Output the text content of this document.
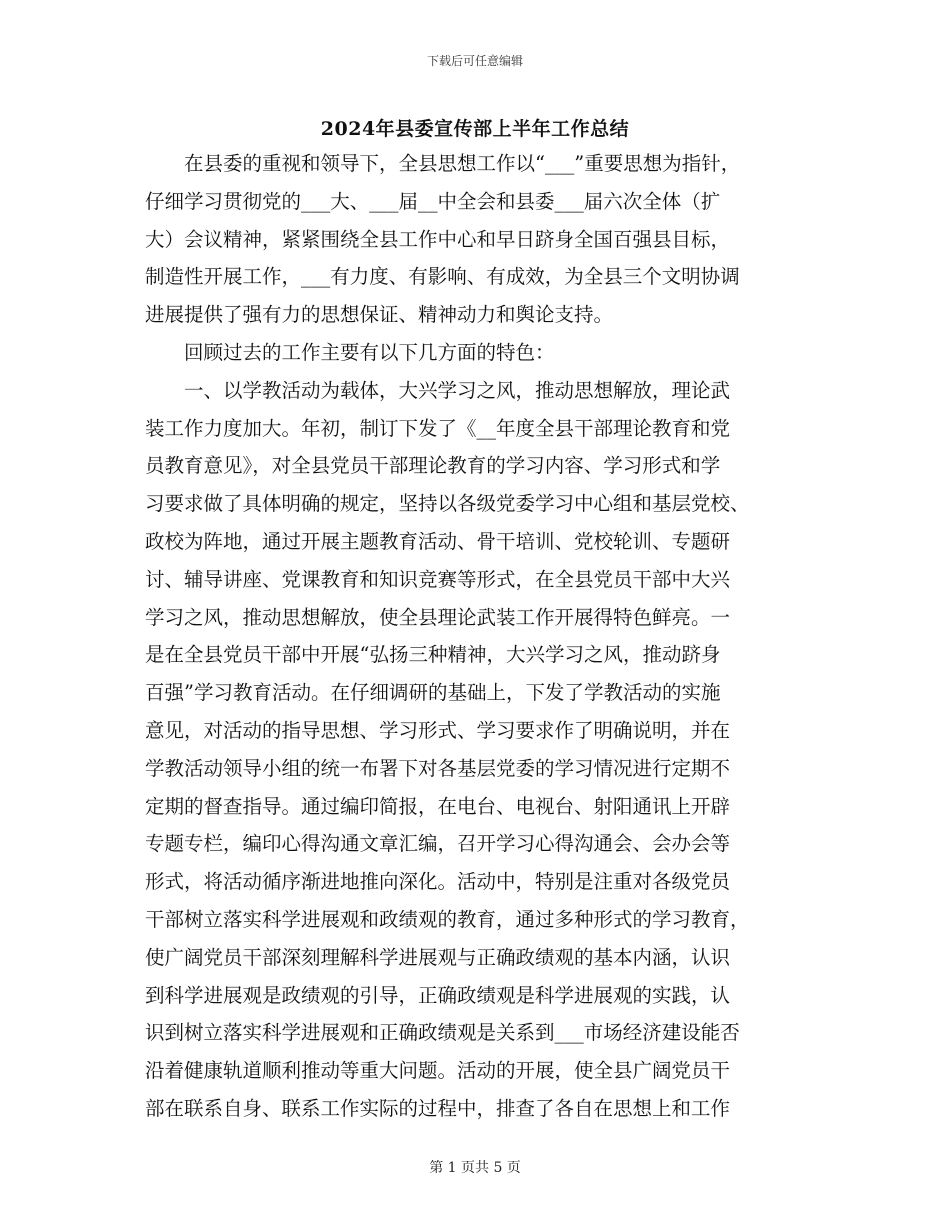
下载后可任意编辑
2024年县委宣传部上半年工作总结
在县委的重视和领导下，全县思想工作以“___”重要思想为指针，
仔细学习贯彻党的___大、___届__中全会和县委___届六次全体（扩
大）会议精神，紧紧围绕全县工作中心和早日跻身全国百强县目标，
制造性开展工作，___有力度、有影响、有成效，为全县三个文明协调
进展提供了强有力的思想保证、精神动力和舆论支持。
回顾过去的工作主要有以下几方面的特色：
一、以学教活动为载体，大兴学习之风，推动思想解放，理论武
装工作力度加大。年初，制订下发了《__年度全县干部理论教育和党
员教育意见》，对全县党员干部理论教育的学习内容、学习形式和学
习要求做了具体明确的规定，坚持以各级党委学习中心组和基层党校、
政校为阵地，通过开展主题教育活动、骨干培训、党校轮训、专题研
讨、辅导讲座、党课教育和知识竞赛等形式，在全县党员干部中大兴
学习之风，推动思想解放，使全县理论武装工作开展得特色鲜亮。一
是在全县党员干部中开展“弘扬三种精神，大兴学习之风，推动跻身
百强”学习教育活动。在仔细调研的基础上，下发了学教活动的实施
意见，对活动的指导思想、学习形式、学习要求作了明确说明，并在
学教活动领导小组的统一布署下对各基层党委的学习情况进行定期不
定期的督查指导。通过编印简报，在电台、电视台、射阳通讯上开辟
专题专栏，编印心得沟通文章汇编，召开学习心得沟通会、会办会等
形式，将活动循序渐进地推向深化。活动中，特别是注重对各级党员
干部树立落实科学进展观和政绩观的教育，通过多种形式的学习教育，
使广阔党员干部深刻理解科学进展观与正确政绩观的基本内涵，认识
到科学进展观是政绩观的引导，正确政绩观是科学进展观的实践，认
识到树立落实科学进展观和正确政绩观是关系到___市场经济建设能否
沿着健康轨道顺利推动等重大问题。活动的开展，使全县广阔党员干
部在联系自身、联系工作实际的过程中，排查了各自在思想上和工作
第 1 页共 5 页
